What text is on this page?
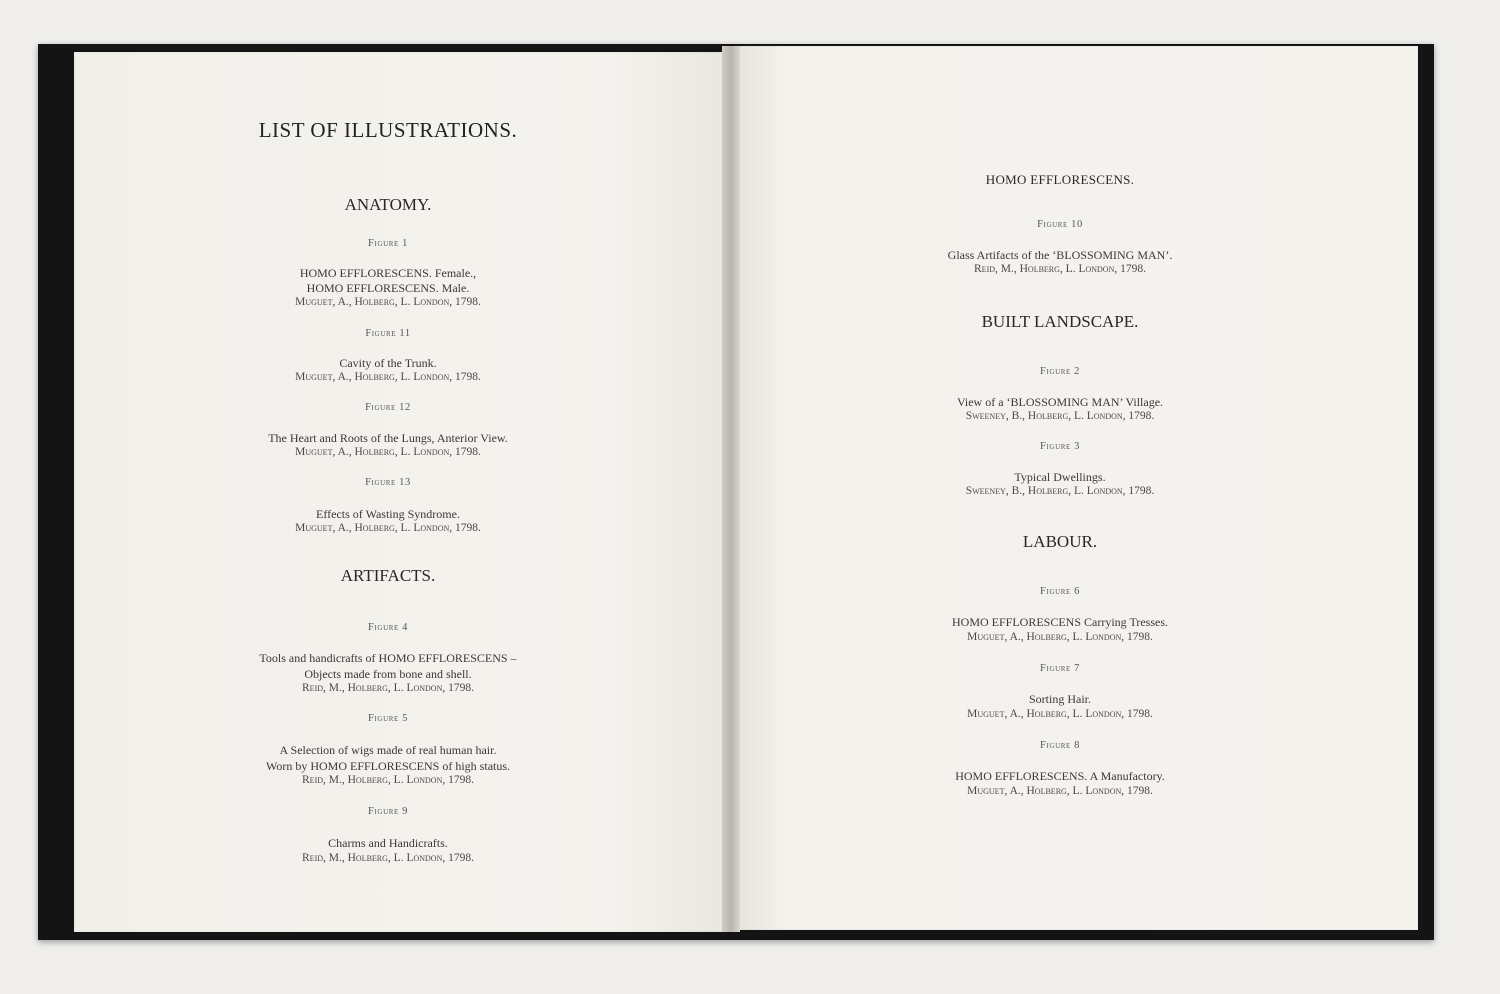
LIST OF ILLUSTRATIONS.
ANATOMY.
Figure 1
HOMO EFFLORESCENS. Female.,
HOMO EFFLORESCENS. Male.
Muguet, A., Holberg, L. London, 1798.
Figure 11
Cavity of the Trunk.
Muguet, A., Holberg, L. London, 1798.
Figure 12
The Heart and Roots of the Lungs, Anterior View.
Muguet, A., Holberg, L. London, 1798.
Figure 13
Effects of Wasting Syndrome.
Muguet, A., Holberg, L. London, 1798.
ARTIFACTS.
Figure 4
Tools and handicrafts of HOMO EFFLORESCENS –
Objects made from bone and shell.
Reid, M., Holberg, L. London, 1798.
Figure 5
A Selection of wigs made of real human hair.
Worn by HOMO EFFLORESCENS of high status.
Reid, M., Holberg, L. London, 1798.
Figure 9
Charms and Handicrafts.
Reid, M., Holberg, L. London, 1798.
HOMO EFFLORESCENS.
Figure 10
Glass Artifacts of the ‘BLOSSOMING MAN’.
Reid, M., Holberg, L. London, 1798.
BUILT LANDSCAPE.
Figure 2
View of a ‘BLOSSOMING MAN’ Village.
Sweeney, B., Holberg, L. London, 1798.
Figure 3
Typical Dwellings.
Sweeney, B., Holberg, L. London, 1798.
LABOUR.
Figure 6
HOMO EFFLORESCENS Carrying Tresses.
Muguet, A., Holberg, L. London, 1798.
Figure 7
Sorting Hair.
Muguet, A., Holberg, L. London, 1798.
Figure 8
HOMO EFFLORESCENS. A Manufactory.
Muguet, A., Holberg, L. London, 1798.
